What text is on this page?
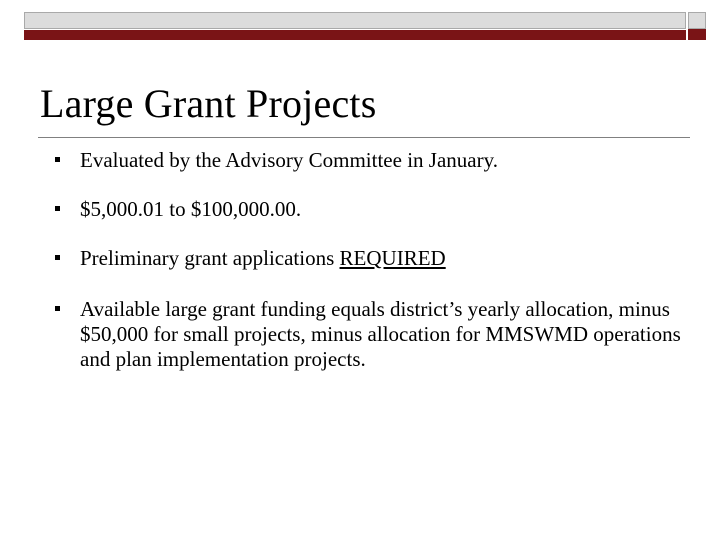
Large Grant Projects
Evaluated by the Advisory Committee in January.
$5,000.01 to $100,000.00.
Preliminary grant applications REQUIRED
Available large grant funding equals district’s yearly allocation, minus $50,000 for small projects, minus allocation for MMSWMD operations and plan implementation projects.
